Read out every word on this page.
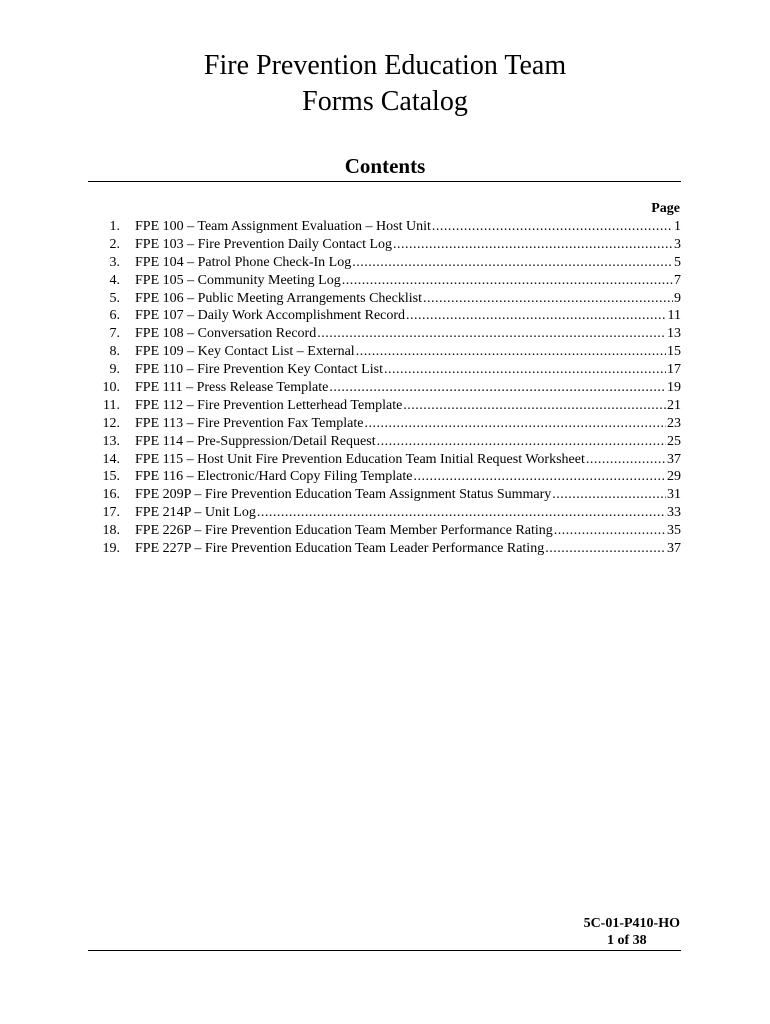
Fire Prevention Education Team
Forms Catalog
Contents
Page
1. FPE 100 – Team Assignment Evaluation – Host Unit .....	1
2. FPE 103 – Fire Prevention Daily Contact Log .....	3
3. FPE 104 – Patrol Phone Check-In Log .....	5
4. FPE 105 – Community Meeting Log .....	7
5. FPE 106 – Public Meeting Arrangements Checklist .....	9
6. FPE 107 – Daily Work Accomplishment Record .....	11
7. FPE 108 – Conversation Record .....	13
8. FPE 109 – Key Contact List – External .....	15
9. FPE 110 – Fire Prevention Key Contact List .....	17
10. FPE 111 – Press Release Template .....	19
11. FPE 112 – Fire Prevention Letterhead Template .....	21
12. FPE 113 – Fire Prevention Fax Template .....	23
13. FPE 114 – Pre-Suppression/Detail Request .....	25
14. FPE 115 – Host Unit Fire Prevention Education Team Initial Request Worksheet .....	37
15. FPE 116 – Electronic/Hard Copy Filing Template .....	29
16. FPE 209P – Fire Prevention Education Team Assignment Status Summary .....	31
17. FPE 214P – Unit Log .....	33
18. FPE 226P – Fire Prevention Education Team Member Performance Rating .....	35
19. FPE 227P – Fire Prevention Education Team Leader Performance Rating .....	37
5C-01-P410-HO
1 of 38
